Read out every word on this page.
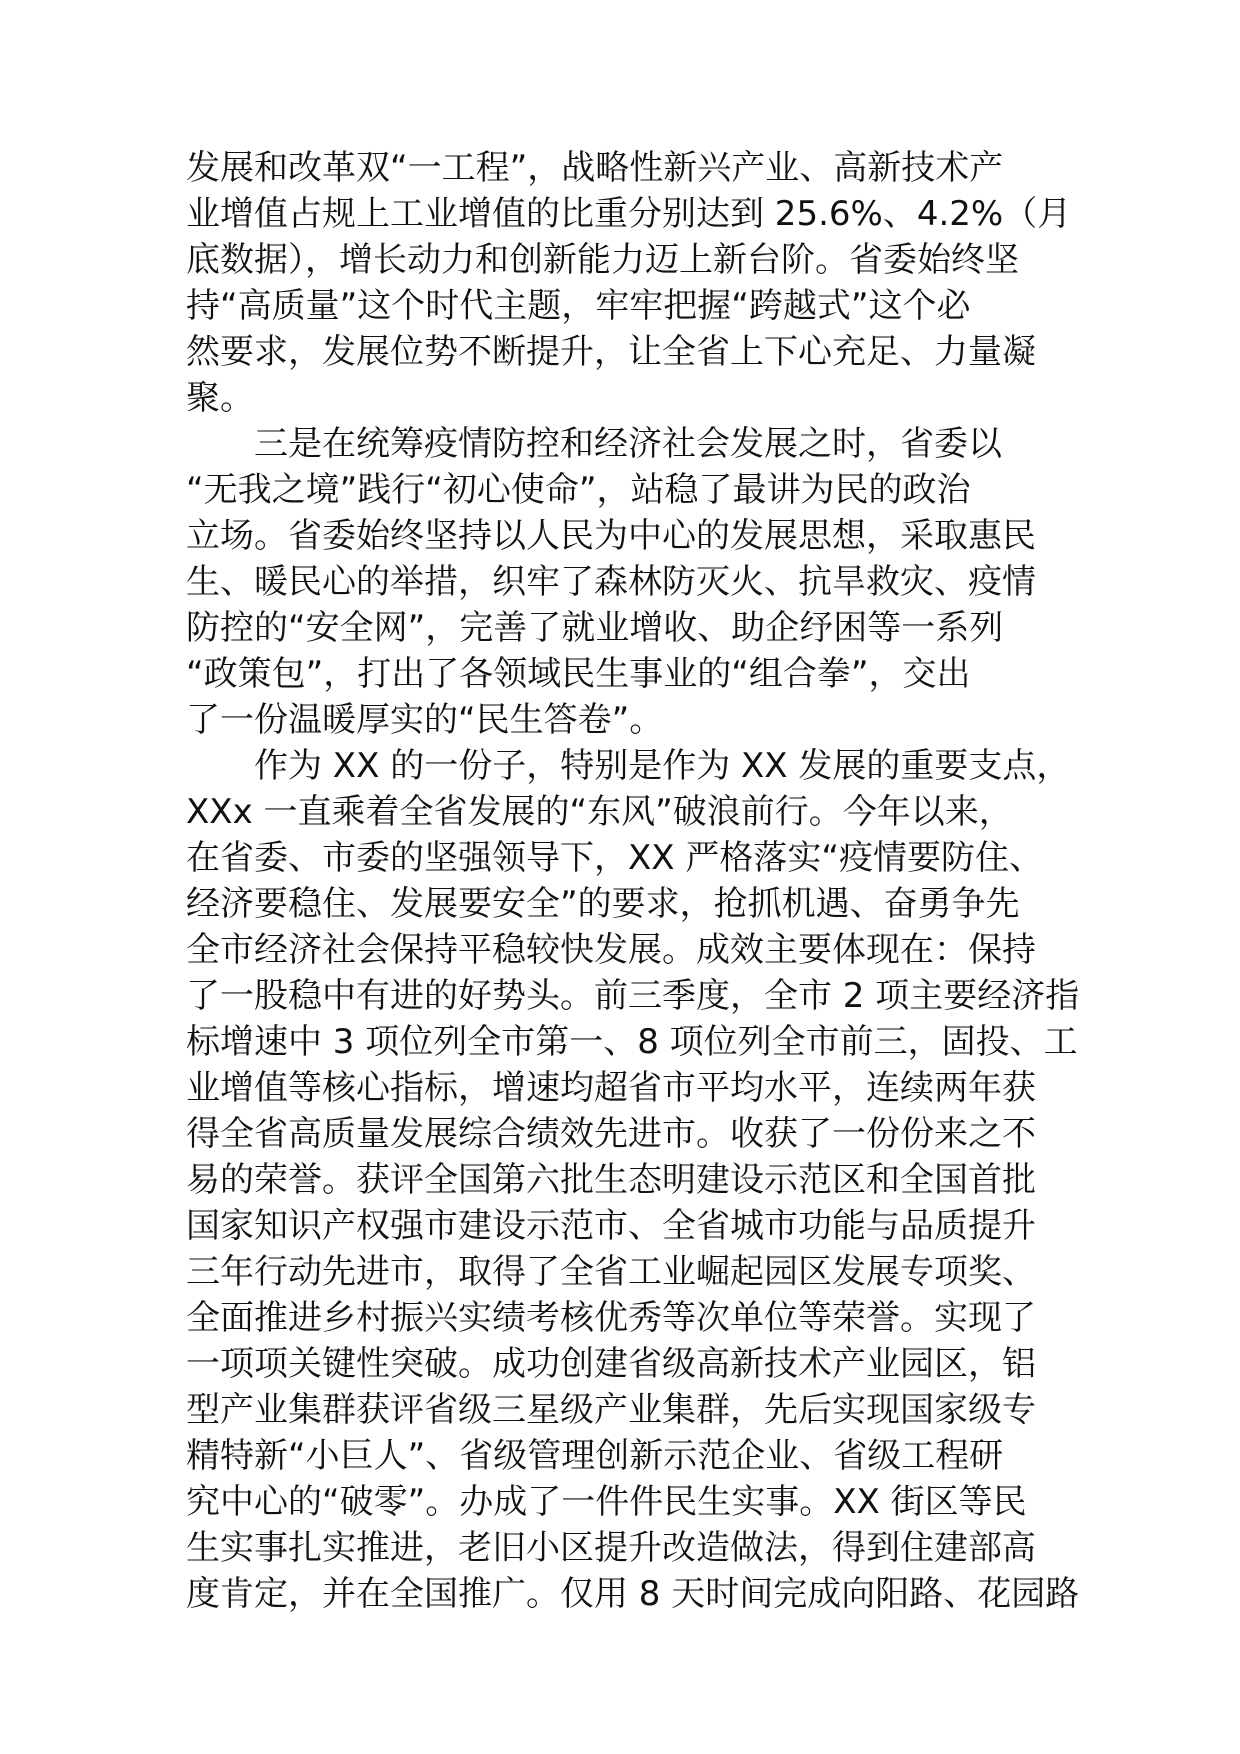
发展和改革双“一工程”，战略性新兴产业、高新技术产
业增值占规上工业增值的比重分别达到 25.6%、4.2%（月
底数据），增长动力和创新能力迈上新台阶。省委始终坚
持“高质量”这个时代主题，牢牢把握“跨越式”这个必
然要求，发展位势不断提升，让全省上下心充足、力量凝
聚。
三是在统筹疫情防控和经济社会发展之时，省委以
“无我之境”践行“初心使命”，站稳了最讲为民的政治
立场。省委始终坚持以人民为中心的发展思想，采取惠民
生、暖民心的举措，织牢了森林防灭火、抗旱救灾、疫情
防控的“安全网”，完善了就业增收、助企纾困等一系列
“政策包”，打出了各领域民生事业的“组合拳”，交出
了一份温暖厚实的“民生答卷”。
作为 XX 的一份子，特别是作为 XX 发展的重要支点，
XXx 一直乘着全省发展的“东风”破浪前行。今年以来，
在省委、市委的坚强领导下，XX 严格落实“疫情要防住、
经济要稳住、发展要安全”的要求，抢抓机遇、奋勇争先
全市经济社会保持平稳较快发展。成效主要体现在：保持
了一股稳中有进的好势头。前三季度，全市 2 项主要经济指
标增速中 3 项位列全市第一、8 项位列全市前三，固投、工
业增值等核心指标，增速均超省市平均水平，连续两年获
得全省高质量发展综合绩效先进市。收获了一份份来之不
易的荣誉。获评全国第六批生态明建设示范区和全国首批
国家知识产权强市建设示范市、全省城市功能与品质提升
三年行动先进市，取得了全省工业崛起园区发展专项奖、
全面推进乡村振兴实绩考核优秀等次单位等荣誉。实现了
一项项关键性突破。成功创建省级高新技术产业园区，铝
型产业集群获评省级三星级产业集群，先后实现国家级专
精特新“小巨人”、省级管理创新示范企业、省级工程研
究中心的“破零”。办成了一件件民生实事。XX 街区等民
生实事扎实推进，老旧小区提升改造做法，得到住建部高
度肯定，并在全国推广。仅用 8 天时间完成向阳路、花园路
